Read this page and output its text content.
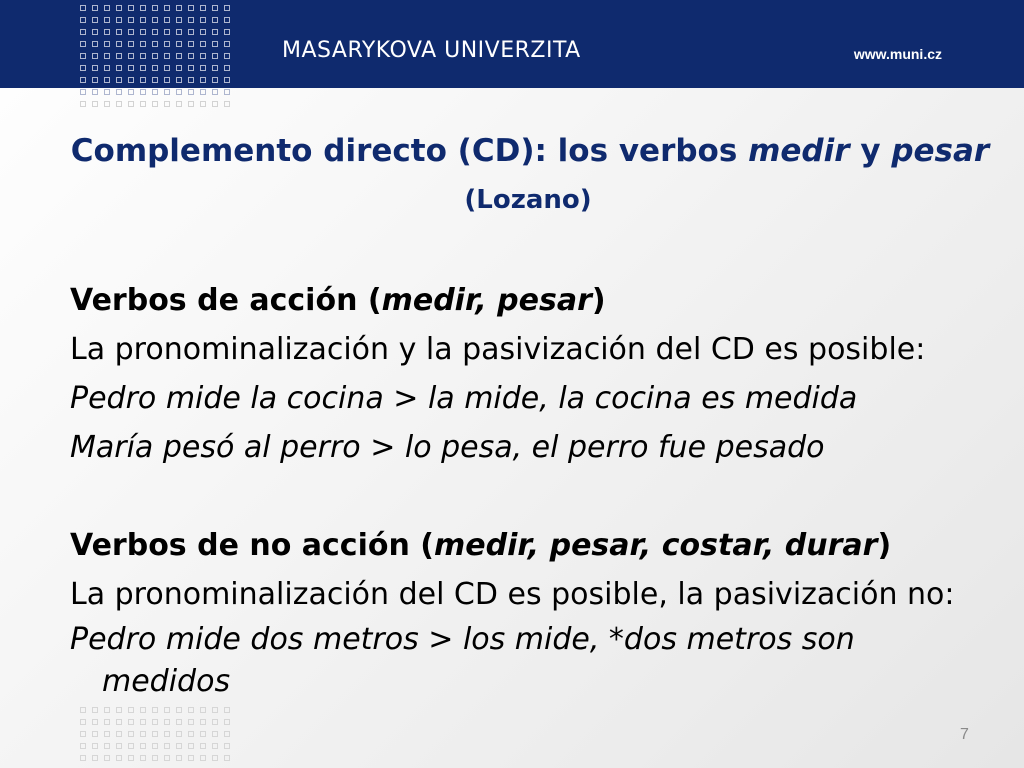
MASARYKOVA UNIVERZITA	www.muni.cz
Complemento directo (CD): los verbos medir y pesar
(Lozano)

Verbos de acción (medir, pesar)

La pronominalización y la pasivización del CD es posible:

Pedro mide la cocina > la mide, la cocina es medida

María pesó al perro > lo pesa, el perro fue pesado

Verbos de no acción (medir, pesar, costar, durar)

La pronominalización del CD es posible, la pasivización no:

Pedro mide dos metros > los mide, *dos metros son medidos

7
